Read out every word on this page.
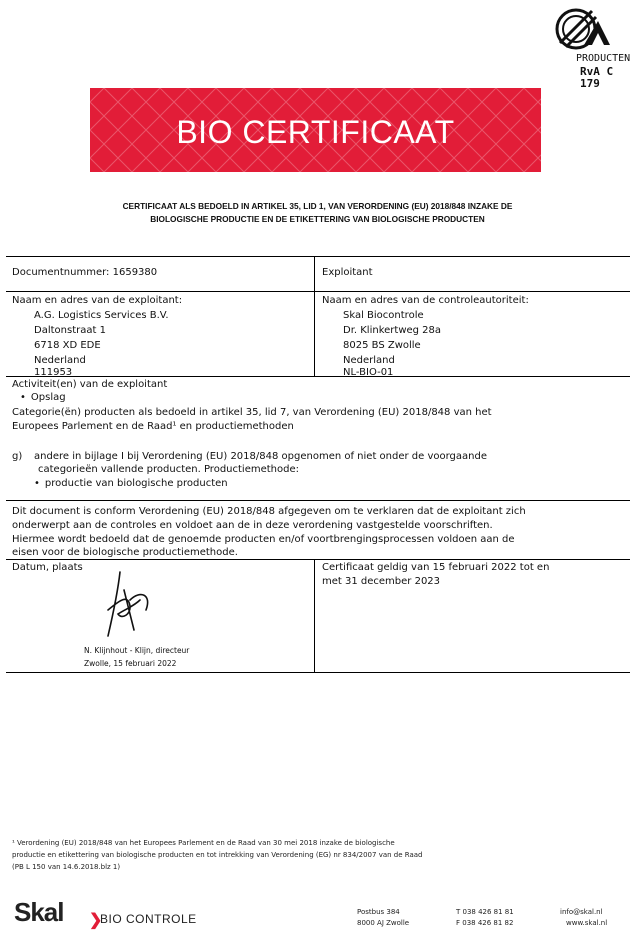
PRODUCTEN
RvA C 179
BIO CERTIFICAAT
CERTIFICAAT ALS BEDOELD IN ARTIKEL 35, LID 1, VAN VERORDENING (EU) 2018/848 INZAKE DE
BIOLOGISCHE PRODUCTIE EN DE ETIKETTERING VAN BIOLOGISCHE PRODUCTEN
Documentnummer: 1659380	Exploitant
Naam en adres van de exploitant:
A.G. Logistics Services B.V.
Daltonstraat 1
6718 XD EDE
Nederland
111953
Naam en adres van de controleautoriteit:
Skal Biocontrole
Dr. Klinkertweg 28a
8025 BS Zwolle
Nederland
NL-BIO-01
Activiteit(en) van de exploitant
• Opslag
Categorie(ën) producten als bedoeld in artikel 35, lid 7, van Verordening (EU) 2018/848 van het
Europees Parlement en de Raad¹ en productiemethoden
g) andere in bijlage I bij Verordening (EU) 2018/848 opgenomen of niet onder de voorgaande
categorieën vallende producten. Productiemethode:
• productie van biologische producten
Dit document is conform Verordening (EU) 2018/848 afgegeven om te verklaren dat de exploitant zich
onderwerpt aan de controles en voldoet aan de in deze verordening vastgestelde voorschriften.
Hiermee wordt bedoeld dat de genoemde producten en/of voortbrengingsprocessen voldoen aan de
eisen voor de biologische productiemethode.
Datum, plaats
N. Klijnhout - Klijn, directeur
Zwolle, 15 februari 2022
Certificaat geldig van 15 februari 2022 tot en
met 31 december 2023
¹ Verordening (EU) 2018/848 van het Europees Parlement en de Raad van 30 mei 2018 inzake de biologische
productie en etikettering van biologische producten en tot intrekking van Verordening (EG) nr 834/2007 van de Raad
(PB L 150 van 14.6.2018.blz 1)
Skal ❯
BIO CONTROLE	Postbus 384
8000 AJ Zwolle
T 038 426 81 81
F 038 426 81 82
info@skal.nl
www.skal.nl
